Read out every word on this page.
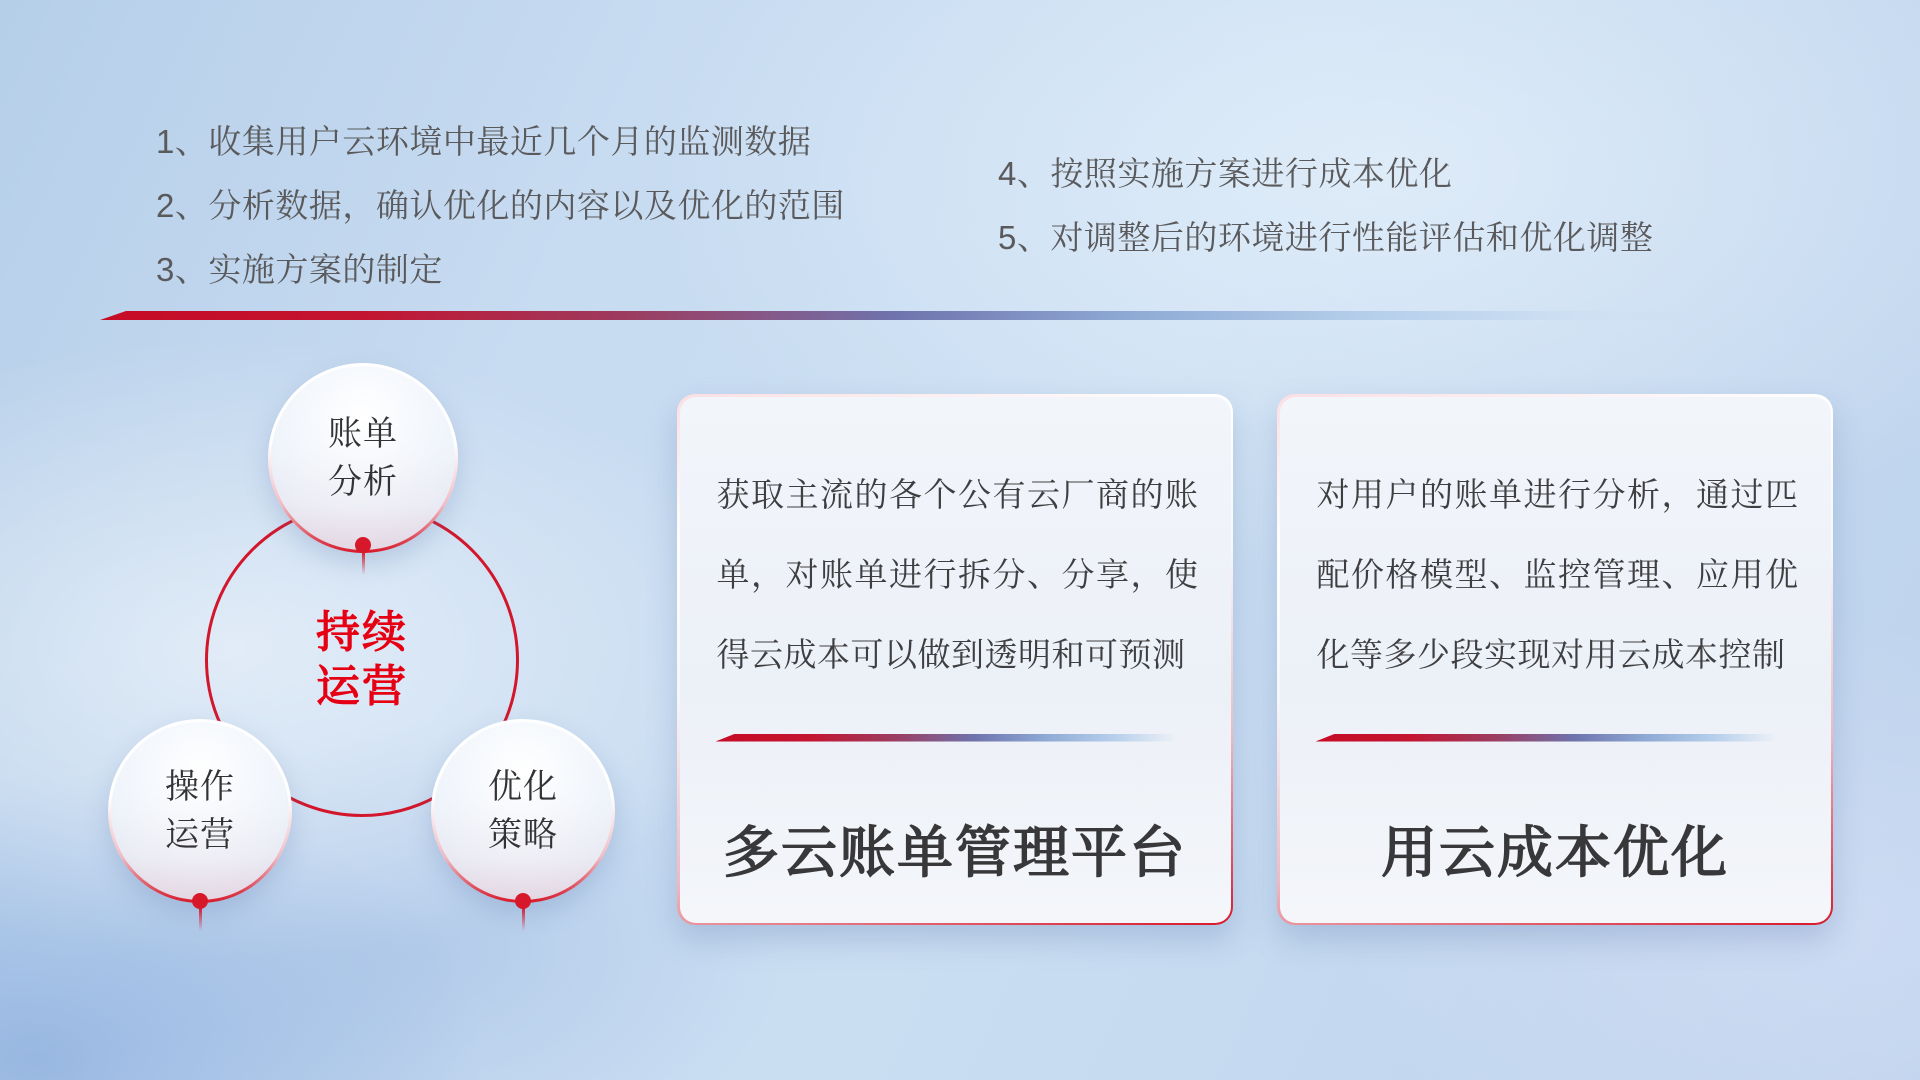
1、收集用户云环境中最近几个月的监测数据
2、分析数据，确认优化的内容以及优化的范围
3、实施方案的制定
4、按照实施方案进行成本优化
5、对调整后的环境进行性能评估和优化调整
持续
运营
账单
分析
操作
运营
优化
策略
获取主流的各个公有云厂商的账单，对账单进行拆分、分享，使得云成本可以做到透明和可预测
多云账单管理平台
对用户的账单进行分析，通过匹配价格模型、监控管理、应用优化等多少段实现对用云成本控制
用云成本优化
